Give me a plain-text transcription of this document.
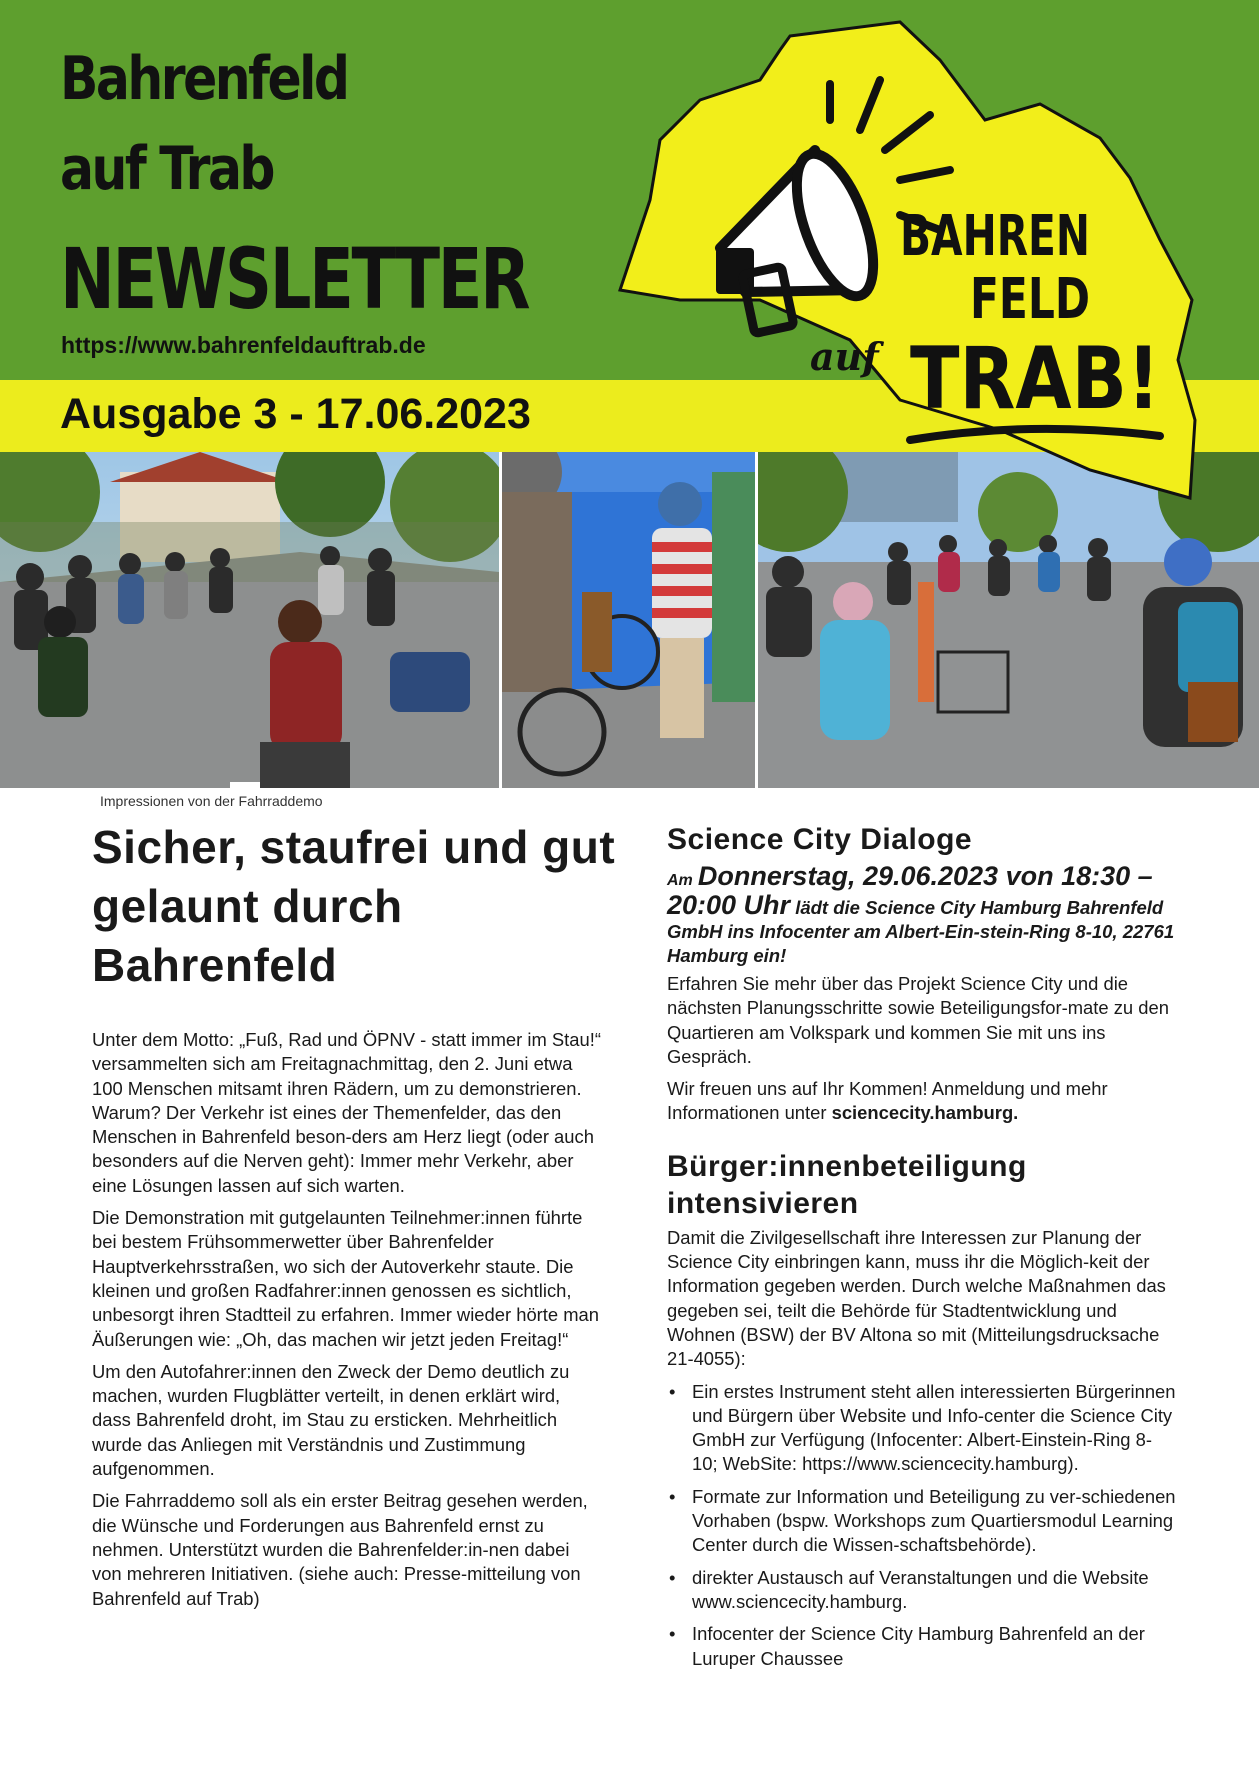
Bahrenfeld
auf Trab
NEWSLETTER
https://www.bahrenfeldauftrab.de
Ausgabe 3 - 17.06.2023
BAHREN
FELD
auf TRAB!
Impressionen von der Fahrraddemo
Sicher, staufrei und gut gelaunt durch Bahrenfeld

Unter dem Motto: „Fuß, Rad und ÖPNV - statt immer im Stau!“ versammelten sich am Freitagnachmittag, den 2. Juni etwa 100 Menschen mitsamt ihren Rädern, um zu demonstrieren. Warum? Der Verkehr ist eines der Themenfelder, das den Menschen in Bahrenfeld beson-ders am Herz liegt (oder auch besonders auf die Nerven geht): Immer mehr Verkehr, aber eine Lösungen lassen auf sich warten.

Die Demonstration mit gutgelaunten Teilnehmer:innen führte bei bestem Frühsommerwetter über Bahrenfelder Hauptverkehrsstraßen, wo sich der Autoverkehr staute. Die kleinen und großen Radfahrer:innen genossen es sichtlich, unbesorgt ihren Stadtteil zu erfahren. Immer wieder hörte man Äußerungen wie: „Oh, das machen wir jetzt jeden Freitag!“

Um den Autofahrer:innen den Zweck der Demo deutlich zu machen, wurden Flugblätter verteilt, in denen erklärt wird, dass Bahrenfeld droht, im Stau zu ersticken. Mehrheitlich wurde das Anliegen mit Verständnis und Zustimmung aufgenommen.

Die Fahrraddemo soll als ein erster Beitrag gesehen werden, die Wünsche und Forderungen aus Bahrenfeld ernst zu nehmen. Unterstützt wurden die Bahrenfelder:in-nen dabei von mehreren Initiativen. (siehe auch: Presse-mitteilung von Bahrenfeld auf Trab)

Science City Dialoge

Am Donnerstag, 29.06.2023 von 18:30 – 20:00 Uhr lädt die Science City Hamburg Bahrenfeld GmbH ins Infocenter am Albert-Ein-stein-Ring 8-10, 22761 Hamburg ein!

Erfahren Sie mehr über das Projekt Science City und die nächsten Planungsschritte sowie Beteiligungsfor-mate zu den Quartieren am Volkspark und kommen Sie mit uns ins Gespräch.

Wir freuen uns auf Ihr Kommen! Anmeldung und mehr Informationen unter sciencecity.hamburg.

Bürger:innenbeteiligung intensivieren

Damit die Zivilgesellschaft ihre Interessen zur Planung der Science City einbringen kann, muss ihr die Möglich-keit der Information gegeben werden. Durch welche Maßnahmen das gegeben sei, teilt die Behörde für Stadtentwicklung und Wohnen (BSW) der BV Altona so mit (Mitteilungsdrucksache 21-4055):

• Ein erstes Instrument steht allen interessierten Bürgerinnen und Bürgern über Website und Info-center die Science City GmbH zur Verfügung (Infocenter: Albert-Einstein-Ring 8-10; WebSite: https://www.sciencecity.hamburg).
• Formate zur Information und Beteiligung zu ver-schiedenen Vorhaben (bspw. Workshops zum Quartiersmodul Learning Center durch die Wissen-schaftsbehörde).
• direkter Austausch auf Veranstaltungen und die Website www.sciencecity.hamburg.
• Infocenter der Science City Hamburg Bahrenfeld an der Luruper Chaussee
